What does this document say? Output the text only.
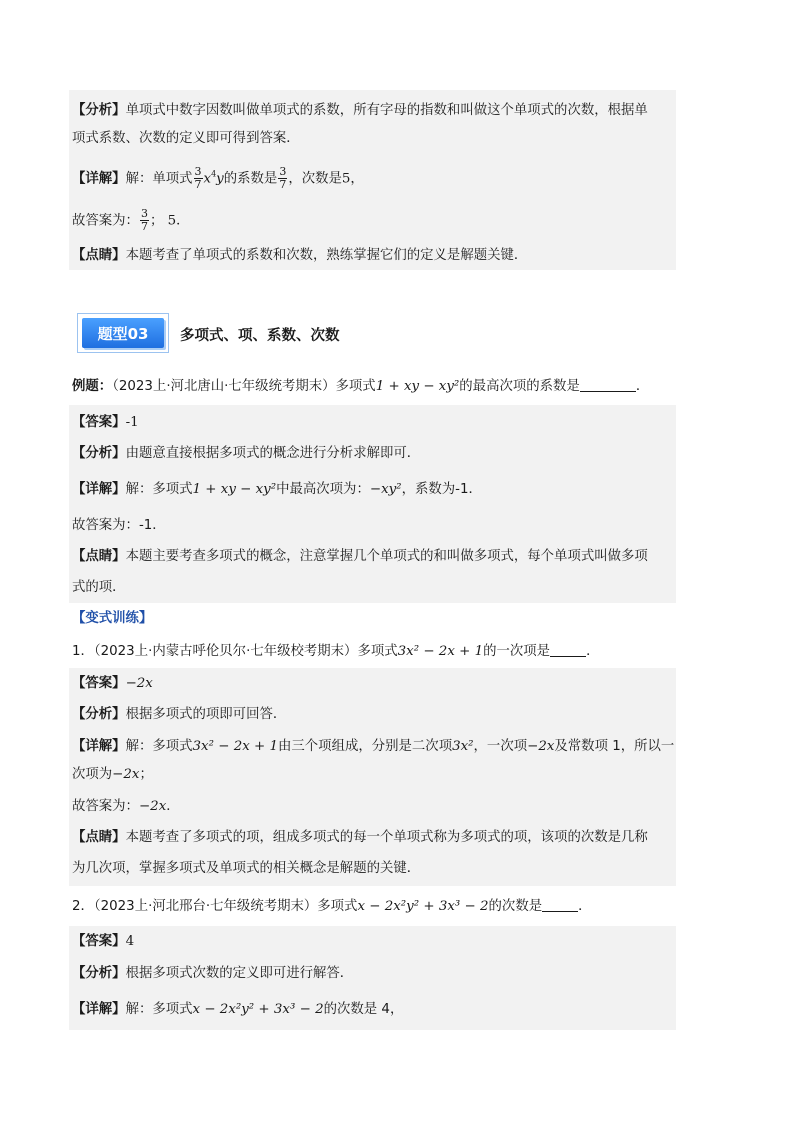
【分析】单项式中数字因数叫做单项式的系数，所有字母的指数和叫做这个单项式的次数，根据单
项式系数、次数的定义即可得到答案．
【详解】解：单项式 $\frac{3}{7} x^4y$的系数是 $\frac{3}{7}$ ，次数是5，
故答案为： $\frac{3}{7}$ ； 5．
【点睛】本题考查了单项式的系数和次数，熟练掌握它们的定义是解题关键．
题型03	多项式、项、系数、次数
例题：（2023上·河北唐山·七年级统考期末）多项式1 + xy − xy²的最高次项的系数是	．
【答案】-1
【分析】由题意直接根据多项式的概念进行分析求解即可．
【详解】解：多项式1 + xy − xy²中最高次项为：−xy²，系数为-1．
故答案为：-1．
【点睛】本题主要考查多项式的概念，注意掌握几个单项式的和叫做多项式，每个单项式叫做多项
式的项．
【变式训练】
1．（2023上·内蒙古呼伦贝尔·七年级校考期末）多项式3x² − 2x + 1的一次项是	．
【答案】−2x
【分析】根据多项式的项即可回答．
【详解】解：多项式3x² − 2x + 1由三个项组成，分别是二次项3x²，一次项−2x及常数项 1，所以一
次项为−2x；
故答案为：−2x．
【点睛】本题考查了多项式的项，组成多项式的每一个单项式称为多项式的项，该项的次数是几称
为几次项，掌握多项式及单项式的相关概念是解题的关键．
2．（2023上·河北邢台·七年级统考期末）多项式x − 2x²y² + 3x³ − 2的次数是	．
【答案】4
【分析】根据多项式次数的定义即可进行解答．
【详解】解：多项式x − 2x²y² + 3x³ − 2的次数是 4，
